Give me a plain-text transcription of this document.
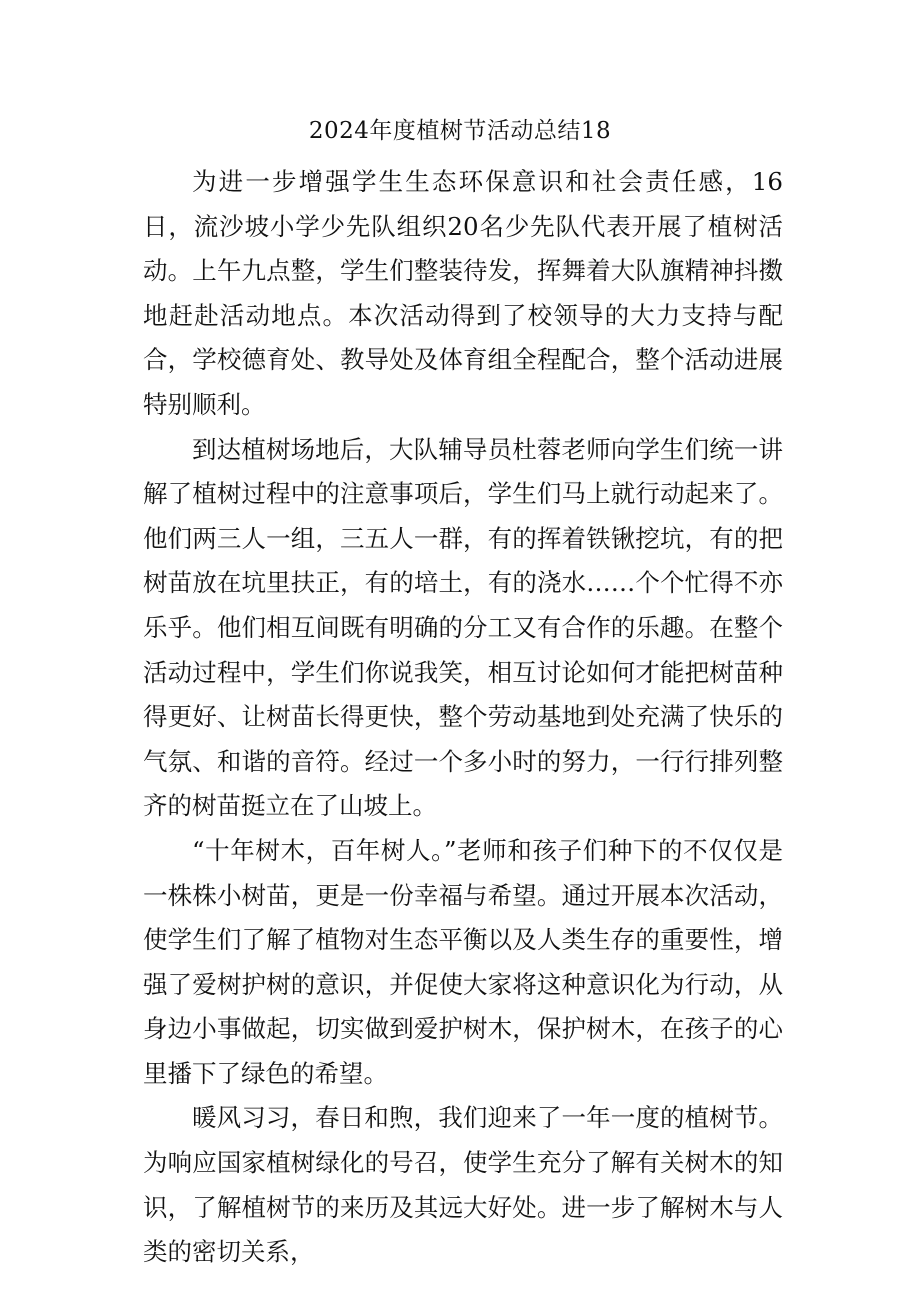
2024年度植树节活动总结18

为进一步增强学生生态环保意识和社会责任感，16日，流沙坡小学少先队组织20名少先队代表开展了植树活动。上午九点整，学生们整装待发，挥舞着大队旗精神抖擞地赶赴活动地点。本次活动得到了校领导的大力支持与配合，学校德育处、教导处及体育组全程配合，整个活动进展特别顺利。

到达植树场地后，大队辅导员杜蓉老师向学生们统一讲解了植树过程中的注意事项后，学生们马上就行动起来了。他们两三人一组，三五人一群，有的挥着铁锹挖坑，有的把树苗放在坑里扶正，有的培土，有的浇水……个个忙得不亦乐乎。他们相互间既有明确的分工又有合作的乐趣。在整个活动过程中，学生们你说我笑，相互讨论如何才能把树苗种得更好、让树苗长得更快，整个劳动基地到处充满了快乐的气氛、和谐的音符。经过一个多小时的努力，一行行排列整齐的树苗挺立在了山坡上。

“十年树木，百年树人。”老师和孩子们种下的不仅仅是一株株小树苗，更是一份幸福与希望。通过开展本次活动，使学生们了解了植物对生态平衡以及人类生存的重要性，增强了爱树护树的意识，并促使大家将这种意识化为行动，从身边小事做起，切实做到爱护树木，保护树木，在孩子的心里播下了绿色的希望。

暖风习习，春日和煦，我们迎来了一年一度的植树节。为响应国家植树绿化的号召，使学生充分了解有关树木的知识，了解植树节的来历及其远大好处。进一步了解树木与人类的密切关系，
